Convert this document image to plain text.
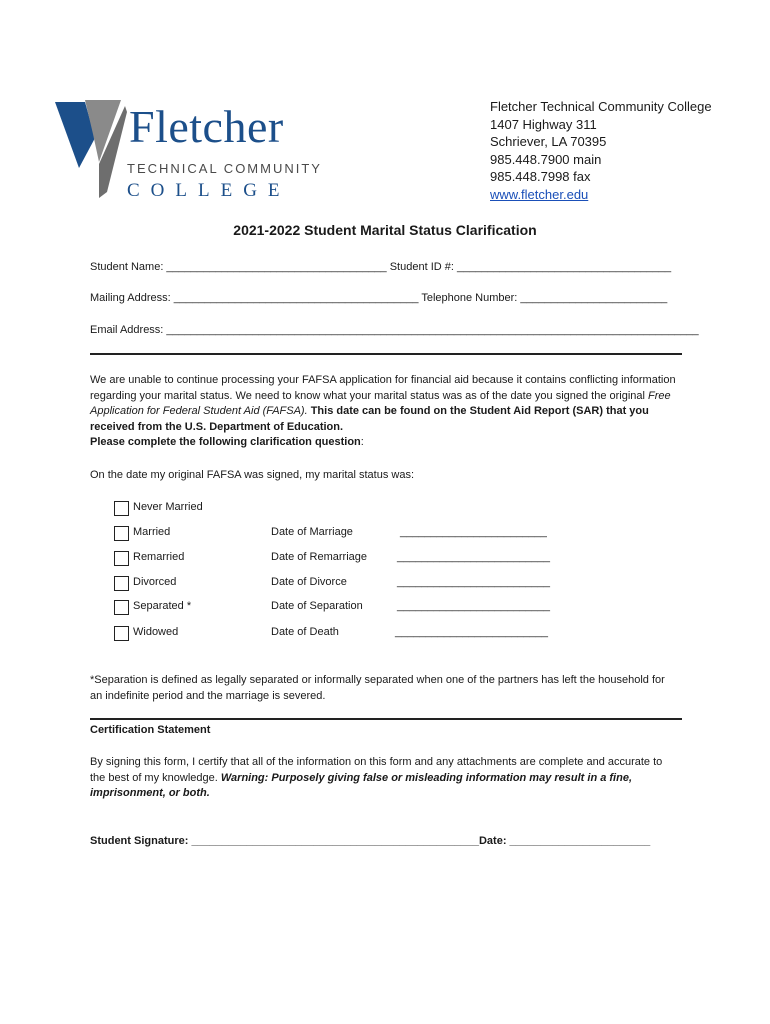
Fletcher
TECHNICAL COMMUNITY
COLLEGE
Fletcher Technical Community College
1407 Highway 311
Schriever, LA 70395
985.448.7900 main
985.448.7998 fax
www.fletcher.edu
2021-2022 Student Marital Status Clarification
Student Name: ____________________________________ Student ID #: ___________________________________
Mailing Address: ________________________________________ Telephone Number: ________________________
Email Address: _______________________________________________________________________________________
We are unable to continue processing your FAFSA application for financial aid because it contains conflicting information regarding your marital status. We need to know what your marital status was as of the date you signed the original Free Application for Federal Student Aid (FAFSA). This date can be found on the Student Aid Report (SAR) that you received from the U.S. Department of Education.
Please complete the following clarification question:
On the date my original FAFSA was signed, my marital status was:
Never Married
Married	Date of Marriage	________________________
Remarried	Date of Remarriage	_________________________
Divorced	Date of Divorce	_________________________
Separated *	Date of Separation	_________________________
Widowed	Date of Death	_________________________
*Separation is defined as legally separated or informally separated when one of the partners has left the household for an indefinite period and the marriage is severed.
Certification Statement
By signing this form, I certify that all of the information on this form and any attachments are complete and accurate to the best of my knowledge. Warning: Purposely giving false or misleading information may result in a fine, imprisonment, or both.
Student Signature: _______________________________________________Date: _______________________
